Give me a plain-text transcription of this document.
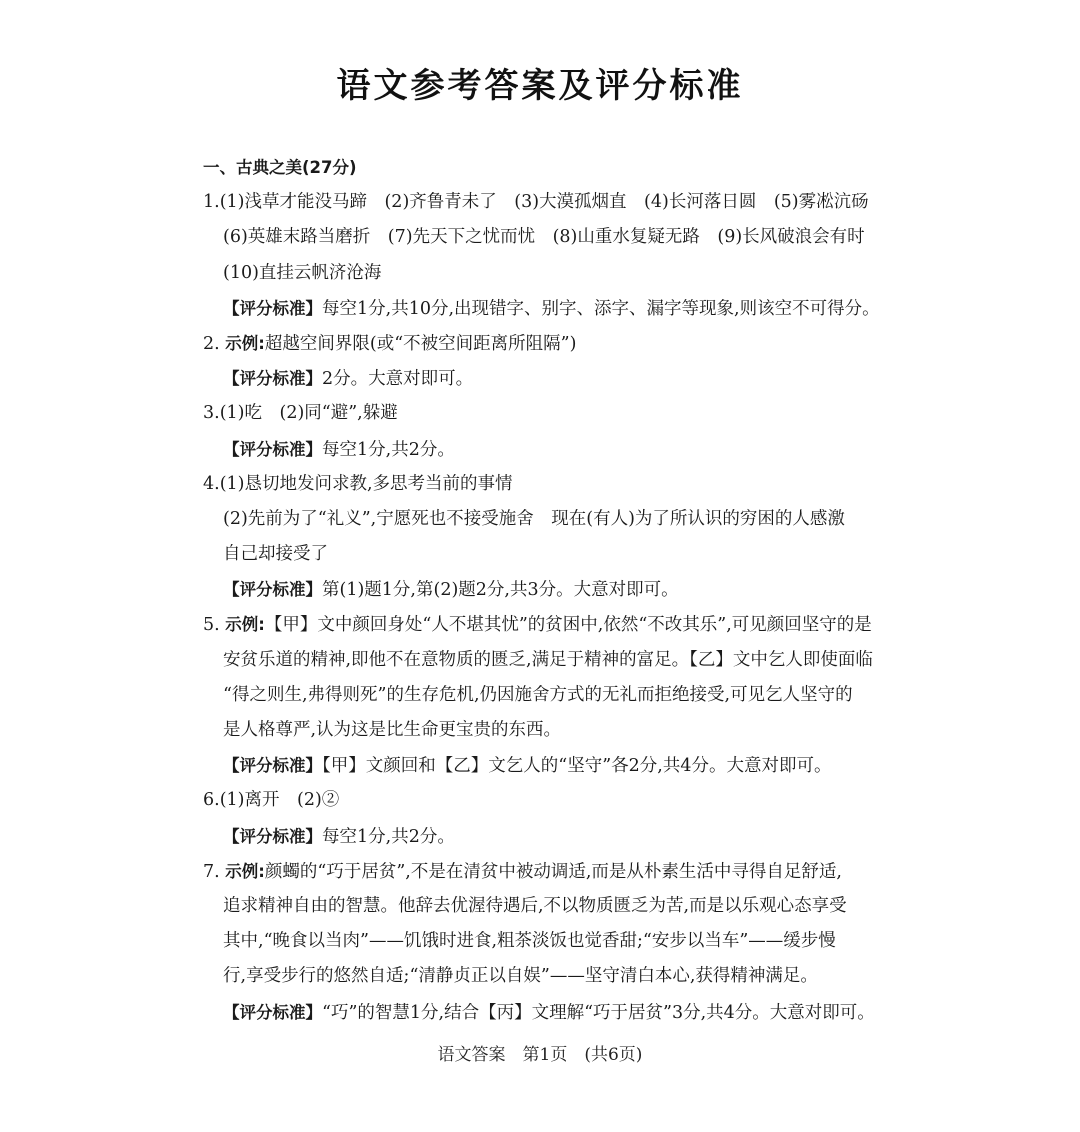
语文参考答案及评分标准
一、古典之美(27分)
1.(1)浅草才能没马蹄　(2)齐鲁青未了　(3)大漠孤烟直　(4)长河落日圆　(5)雾凇沆砀
(6)英雄末路当磨折　(7)先天下之忧而忧　(8)山重水复疑无路　(9)长风破浪会有时
(10)直挂云帆济沧海
【评分标准】每空1分,共10分,出现错字、别字、添字、漏字等现象,则该空不可得分。
2. 示例:超越空间界限(或“不被空间距离所阻隔”)
【评分标准】2分。大意对即可。
3.(1)吃　(2)同“避”,躲避
【评分标准】每空1分,共2分。
4.(1)恳切地发问求教,多思考当前的事情
(2)先前为了“礼义”,宁愿死也不接受施舍　现在(有人)为了所认识的穷困的人感激
自己却接受了
【评分标准】第(1)题1分,第(2)题2分,共3分。大意对即可。
5. 示例:【甲】文中颜回身处“人不堪其忧”的贫困中,依然“不改其乐”,可见颜回坚守的是
安贫乐道的精神,即他不在意物质的匮乏,满足于精神的富足。【乙】文中乞人即使面临
“得之则生,弗得则死”的生存危机,仍因施舍方式的无礼而拒绝接受,可见乞人坚守的
是人格尊严,认为这是比生命更宝贵的东西。
【评分标准】【甲】文颜回和【乙】文乞人的“坚守”各2分,共4分。大意对即可。
6.(1)离开　(2)②
【评分标准】每空1分,共2分。
7. 示例:颜蠋的“巧于居贫”,不是在清贫中被动调适,而是从朴素生活中寻得自足舒适,
追求精神自由的智慧。他辞去优渥待遇后,不以物质匮乏为苦,而是以乐观心态享受
其中,“晚食以当肉”——饥饿时进食,粗茶淡饭也觉香甜;“安步以当车”——缓步慢
行,享受步行的悠然自适;“清静贞正以自娱”——坚守清白本心,获得精神满足。
【评分标准】“巧”的智慧1分,结合【丙】文理解“巧于居贫”3分,共4分。大意对即可。
语文答案　第1页　(共6页)
